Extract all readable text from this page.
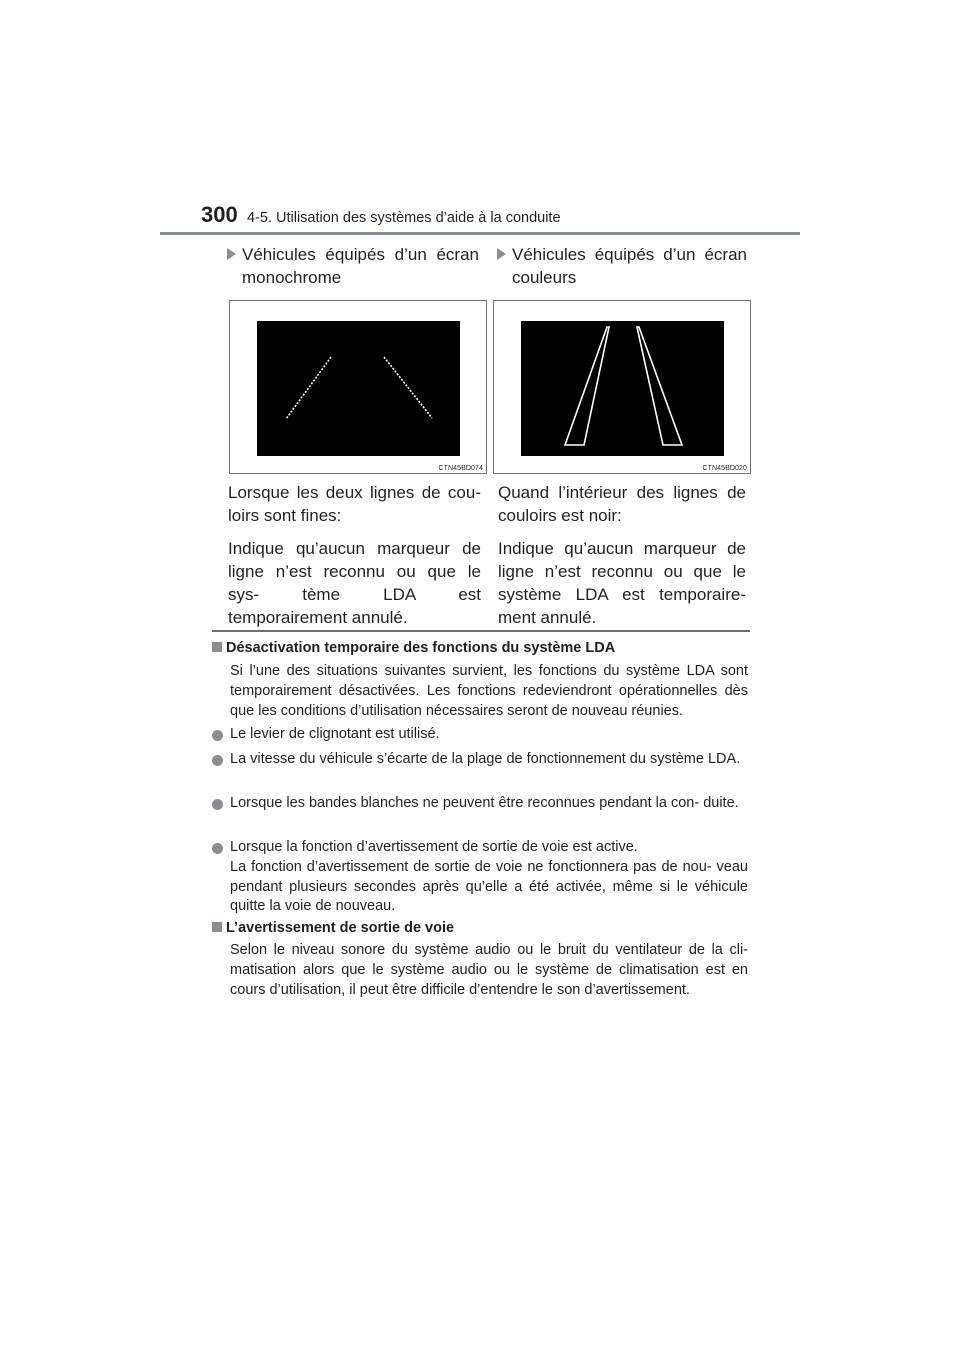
300 4-5. Utilisation des systèmes d’aide à la conduite
Véhicules équipés d’un écran monochrome
Véhicules équipés d’un écran couleurs
CTN45BD074	CTN45BD020

Lorsque les deux lignes de cou- loirs sont fines:

Indique qu’aucun marqueur de ligne n’est reconnu ou que le sys-	tème LDA est temporairement annulé.

Quand l’intérieur des lignes de couloirs est noir:

Indique qu’aucun marqueur de ligne n’est reconnu ou que le système LDA est temporaire- ment annulé.

Désactivation temporaire des fonctions du système LDA
Si l’une des situations suivantes survient, les fonctions du système LDA sont temporairement désactivées. Les fonctions redeviendront opérationnelles dès que les conditions d’utilisation nécessaires seront de nouveau réunies.
Le levier de clignotant est utilisé.
La vitesse du véhicule s’écarte de la plage de fonctionnement du système LDA.
Lorsque les bandes blanches ne peuvent être reconnues pendant la con- duite.
Lorsque la fonction d’avertissement de sortie de voie est active.
La fonction d’avertissement de sortie de voie ne fonctionnera pas de nou- veau pendant plusieurs secondes après qu’elle a été activée, même si le véhicule quitte la voie de nouveau.
L’avertissement de sortie de voie
Selon le niveau sonore du système audio ou le bruit du ventilateur de la cli- matisation alors que le système audio ou le système de climatisation est en cours d’utilisation, il peut être difficile d’entendre le son d’avertissement.
